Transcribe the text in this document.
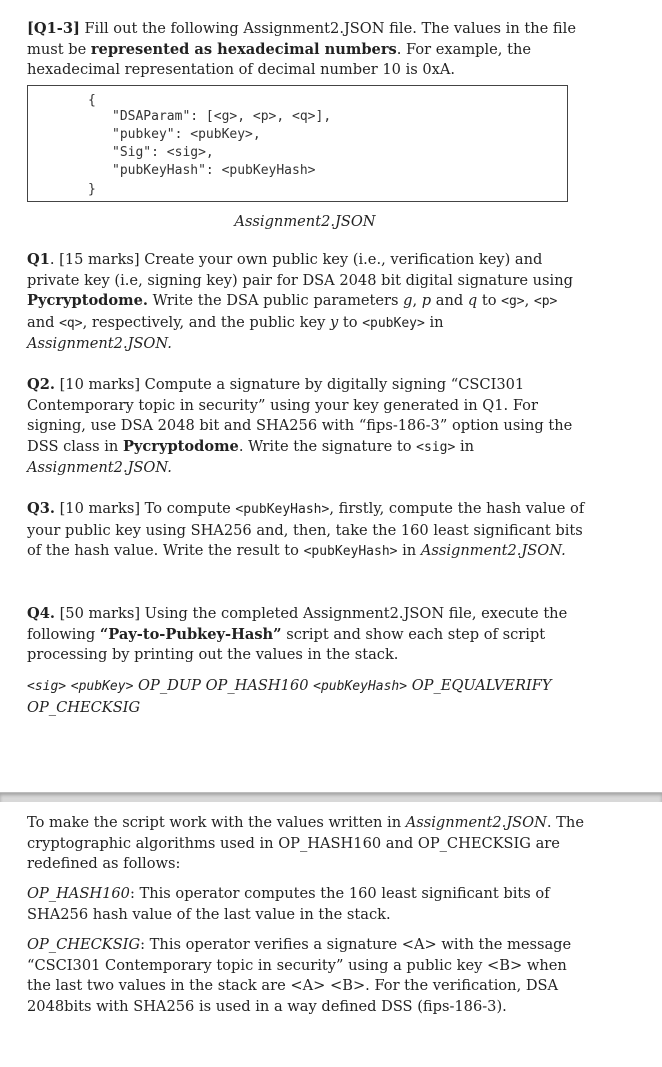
[Q1-3] Fill out the following Assignment2.JSON file. The values in the file must be represented as hexadecimal numbers. For example, the hexadecimal representation of decimal number 10 is 0xA.

{
"DSAParam": [<g>, <p>, <q>],
"pubkey": <pubKey>,
"Sig": <sig>,
"pubKeyHash": <pubKeyHash>
}
Assignment2.JSON

Q1. [15 marks] Create your own public key (i.e., verification key) and private key (i.e, signing key) pair for DSA 2048 bit digital signature using Pycryptodome. Write the DSA public parameters g, p and q to <g>, <p> and <q>, respectively, and the public key y to <pubKey> in Assignment2.JSON.

Q2. [10 marks] Compute a signature by digitally signing “CSCI301 Contemporary topic in security” using your key generated in Q1. For signing, use DSA 2048 bit and SHA256 with “fips-186-3” option using the DSS class in Pycryptodome. Write the signature to <sig> in Assignment2.JSON.

Q3. [10 marks] To compute <pubKeyHash>, firstly, compute the hash value of your public key using SHA256 and, then, take the 160 least significant bits of the hash value. Write the result to <pubKeyHash> in Assignment2.JSON.

Q4. [50 marks] Using the completed Assignment2.JSON file, execute the following “Pay-to-Pubkey-Hash” script and show each step of script processing by printing out the values in the stack.

<sig> <pubKey> OP_DUP OP_HASH160 <pubKeyHash> OP_EQUALVERIFY OP_CHECKSIG

To make the script work with the values written in Assignment2.JSON. The cryptographic algorithms used in OP_HASH160 and OP_CHECKSIG are redefined as follows:

OP_HASH160: This operator computes the 160 least significant bits of SHA256 hash value of the last value in the stack.

OP_CHECKSIG: This operator verifies a signature <A> with the message “CSCI301 Contemporary topic in security” using a public key <B> when the last two values in the stack are <A> <B>. For the verification, DSA 2048bits with SHA256 is used in a way defined DSS (fips-186-3).
